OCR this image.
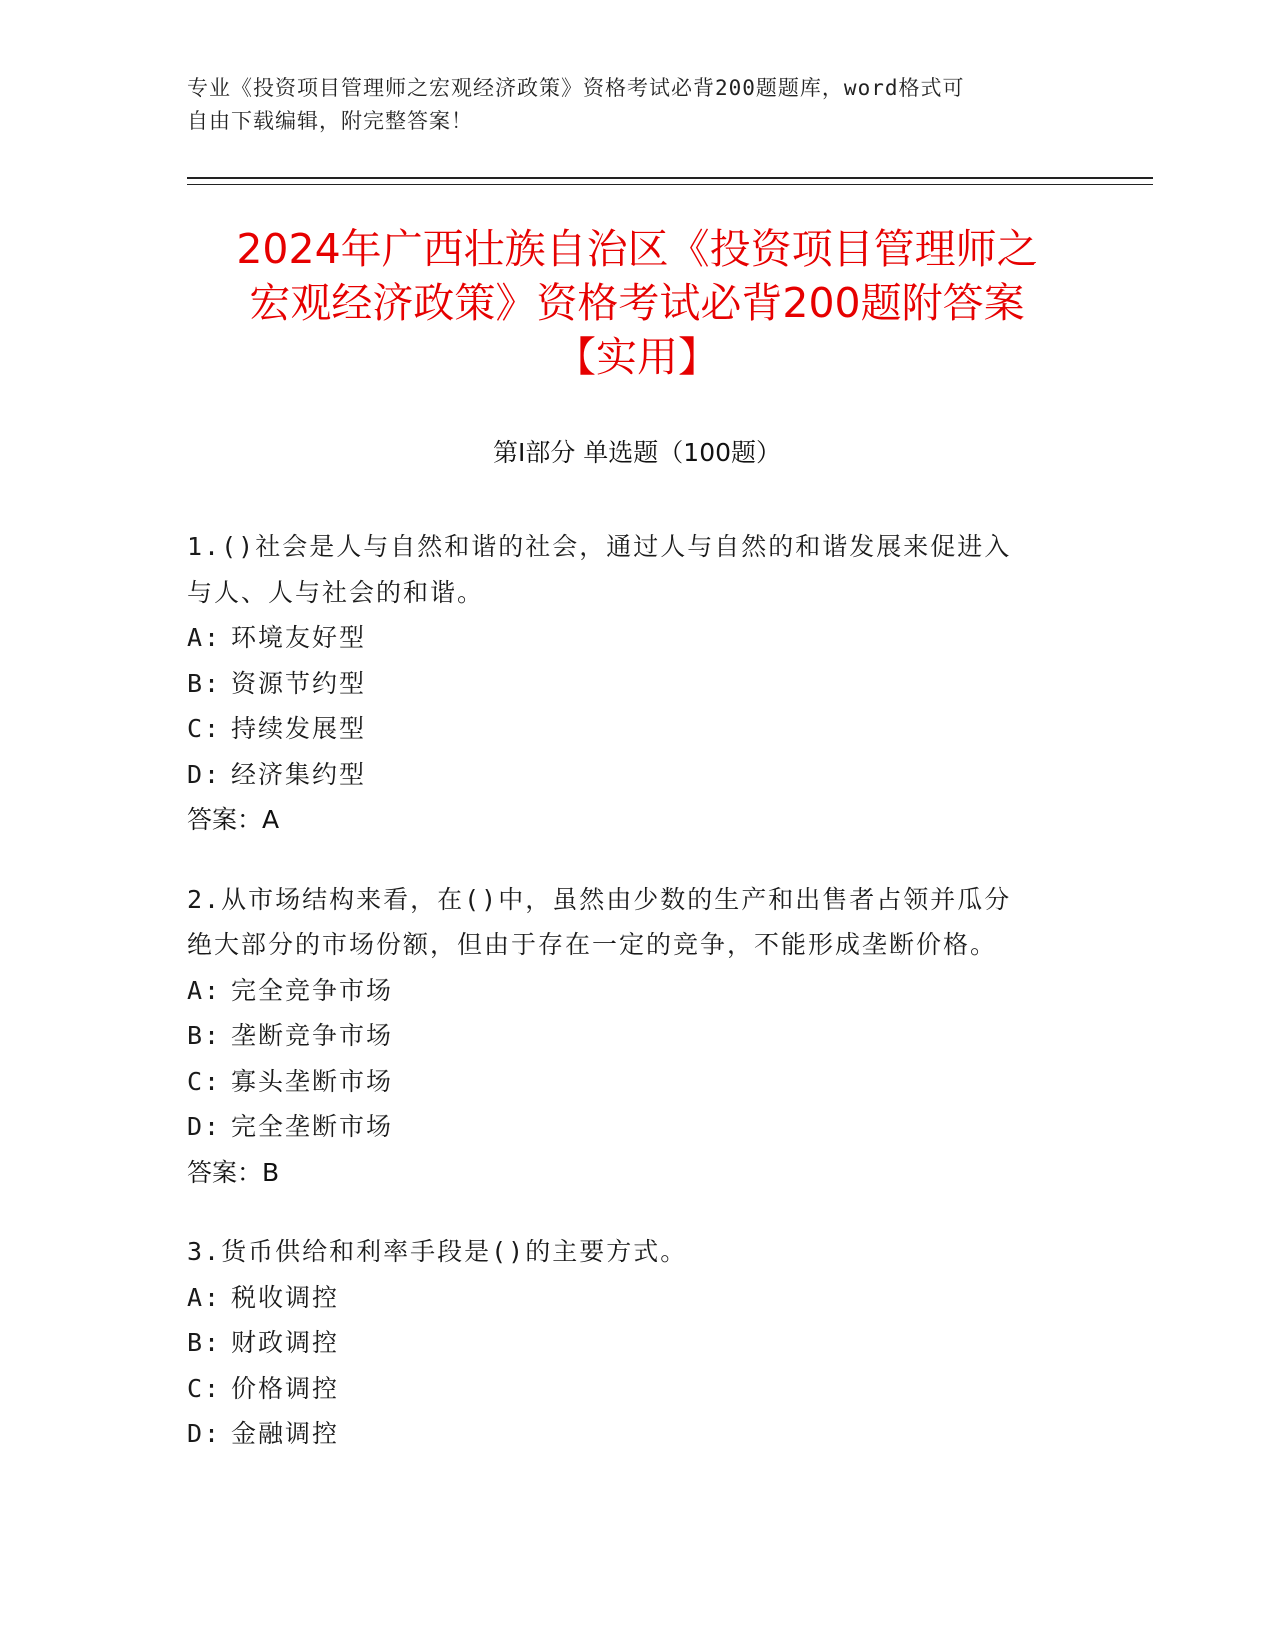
专业《投资项目管理师之宏观经济政策》资格考试必背200题题库，word格式可
自由下载编辑，附完整答案！
2024年广西壮族自治区《投资项目管理师之
宏观经济政策》资格考试必背200题附答案
【实用】
第Ⅰ部分 单选题（100题）
1.()社会是人与自然和谐的社会，通过人与自然的和谐发展来促进入
与人、人与社会的和谐。
A: 环境友好型
B: 资源节约型
C: 持续发展型
D: 经济集约型
答案：A
2.从市场结构来看，在()中，虽然由少数的生产和出售者占领并瓜分
绝大部分的市场份额，但由于存在一定的竞争，不能形成垄断价格。
A: 完全竞争市场
B: 垄断竞争市场
C: 寡头垄断市场
D: 完全垄断市场
答案：B
3.货币供给和利率手段是()的主要方式。
A: 税收调控
B: 财政调控
C: 价格调控
D: 金融调控
